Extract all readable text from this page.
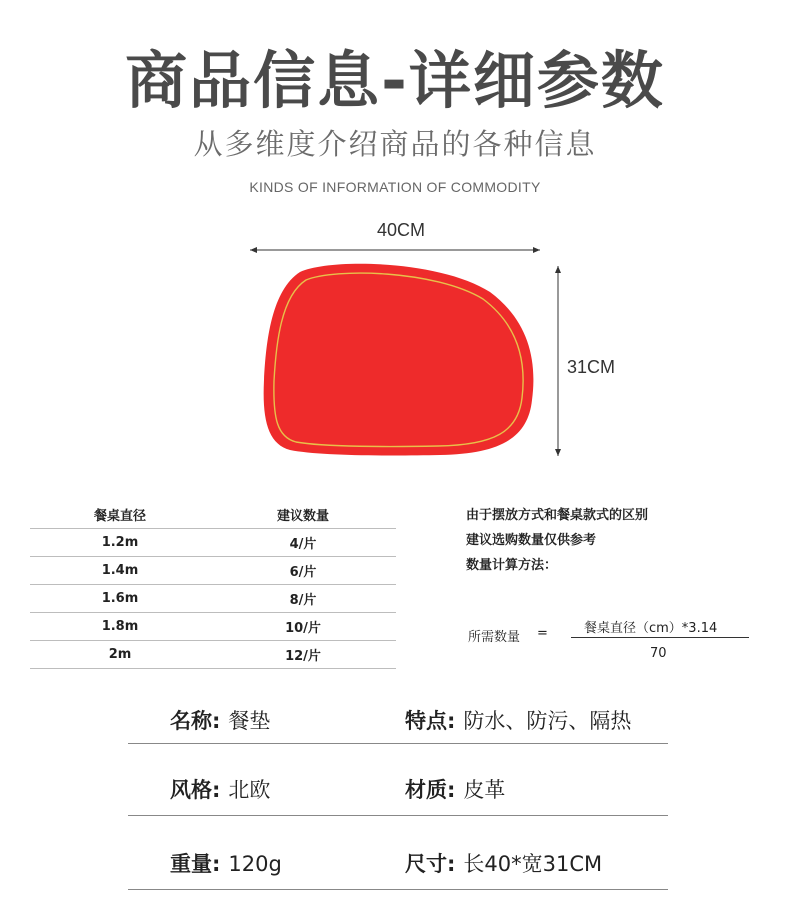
商品信息-详细参数
从多维度介绍商品的各种信息
KINDS OF INFORMATION OF COMMODITY
40CM
31CM
餐桌直径	建议数量
1.2m	4/片
1.4m	6/片
1.6m	8/片
1.8m	10/片
2m	12/片
由于摆放方式和餐桌款式的区别
建议选购数量仅供参考
数量计算方法：
所需数量 =	餐桌直径（cm）*3.14
70
名称: 餐垫	特点: 防水、防污、隔热
风格: 北欧	材质: 皮革
重量: 120g	尺寸: 长40*宽31CM
